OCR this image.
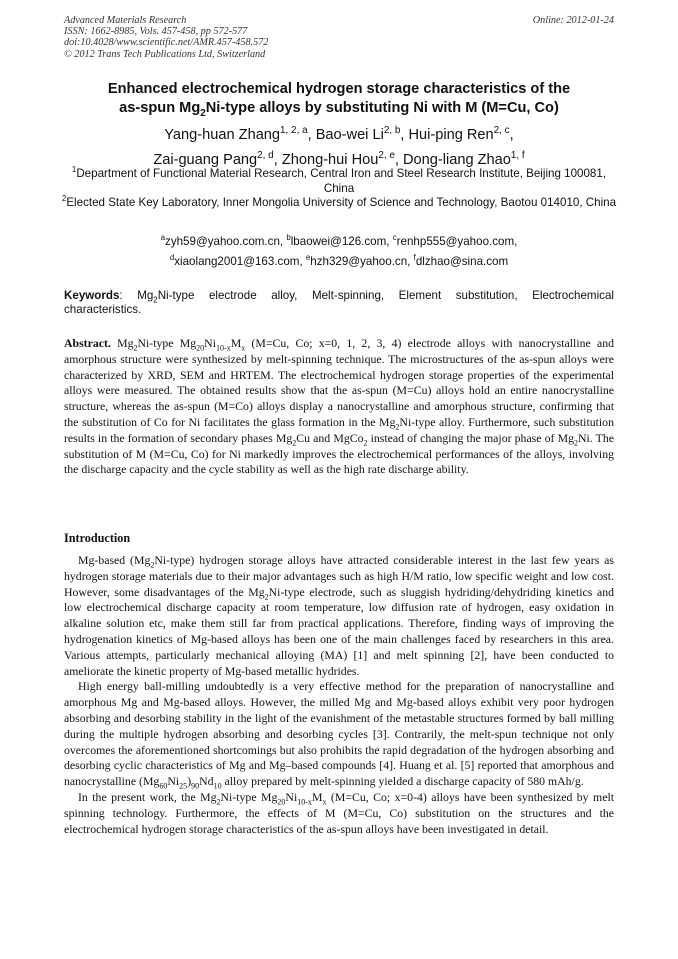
Advanced Materials Research
ISSN: 1662-8985, Vols. 457-458, pp 572-577
doi:10.4028/www.scientific.net/AMR.457-458.572
© 2012 Trans Tech Publications Ltd, Switzerland
Online: 2012-01-24
Enhanced electrochemical hydrogen storage characteristics of the
as-spun $Mg_2Ni$-type alloys by substituting Ni with M (M=Cu, Co)
Yang-huan Zhang$^{1, 2, a}$, Bao-wei Li$^{2, b}$, Hui-ping Ren$^{2, c}$,
Zai-guang Pang$^{2, d}$, Zhong-hui Hou$^{2, e}$, Dong-liang Zhao$^{1, f}$
$^1$Department of Functional Material Research, Central Iron and Steel Research Institute, Beijing 100081, China
$^2$Elected State Key Laboratory, Inner Mongolia University of Science and Technology, Baotou 014010, China
$^a$zyh59@yahoo.com.cn, $^b$lbaowei@126.com, $^c$renhp555@yahoo.com,
$^d$xiaolang2001@163.com, $^e$hzh329@yahoo.cn, $^f$dlzhao@sina.com
Keywords: $Mg_2Ni$-type electrode alloy, Melt-spinning, Element substitution, Electrochemical characteristics.
Abstract. $Mg_2Ni$-type $Mg_{20}Ni_{10-x}M_x$ (M=Cu, Co; x=0, 1, 2, 3, 4) electrode alloys with nanocrystalline and amorphous structure were synthesized by melt-spinning technique. The microstructures of the as-spun alloys were characterized by XRD, SEM and HRTEM. The electrochemical hydrogen storage properties of the experimental alloys were measured. The obtained results show that the as-spun (M=Cu) alloys hold an entire nanocrystalline structure, whereas the as-spun (M=Co) alloys display a nanocrystalline and amorphous structure, confirming that the substitution of Co for Ni facilitates the glass formation in the $Mg_2Ni$-type alloy. Furthermore, such substitution results in the formation of secondary phases $Mg_2Cu$ and MgCo$_2$ instead of changing the major phase of $Mg_2Ni$. The substitution of M (M=Cu, Co) for Ni markedly improves the electrochemical performances of the alloys, involving the discharge capacity and the cycle stability as well as the high rate discharge ability.
Introduction

Mg-based $(Mg_2Ni-type)$ hydrogen storage alloys have attracted considerable interest in the last few years as hydrogen storage materials due to their major advantages such as high H/M ratio, low specific weight and low cost. However, some disadvantages of the $Mg_2Ni$-type electrode, such as sluggish hydriding/dehydriding kinetics and low electrochemical discharge capacity at room temperature, low diffusion rate of hydrogen, easy oxidation in alkaline solution etc, make them still far from practical applications. Therefore, finding ways of improving the hydrogenation kinetics of Mg-based alloys has been one of the main challenges faced by researchers in this area. Various attempts, particularly mechanical alloying (MA) [1] and melt spinning [2], have been conducted to ameliorate the kinetic property of Mg-based metallic hydrides.

High energy ball-milling undoubtedly is a very effective method for the preparation of nanocrystalline and amorphous Mg and Mg-based alloys. However, the milled Mg and Mg-based alloys exhibit very poor hydrogen absorbing and desorbing stability in the light of the evanishment of the metastable structures formed by ball milling during the multiple hydrogen absorbing and desorbing cycles [3]. Contrarily, the melt-spun technique not only overcomes the aforementioned shortcomings but also prohibits the rapid degradation of the hydrogen absorbing and desorbing cyclic characteristics of Mg and Mg–based compounds [4]. Huang et al. [5] reported that amorphous and nanocrystalline $(Mg_{60}Ni_{25})_{90}Nd_{10}$ alloy prepared by melt-spinning yielded a discharge capacity of 580 mAh/g.

In the present work, the $Mg_2Ni$-type $Mg_{20}Ni_{10-x}M_x$ (M=Cu, Co; x=0-4) alloys have been synthesized by melt spinning technology. Furthermore, the effects of M (M=Cu, Co) substitution on the structures and the electrochemical hydrogen storage characteristics of the as-spun alloys have been investigated in detail.
